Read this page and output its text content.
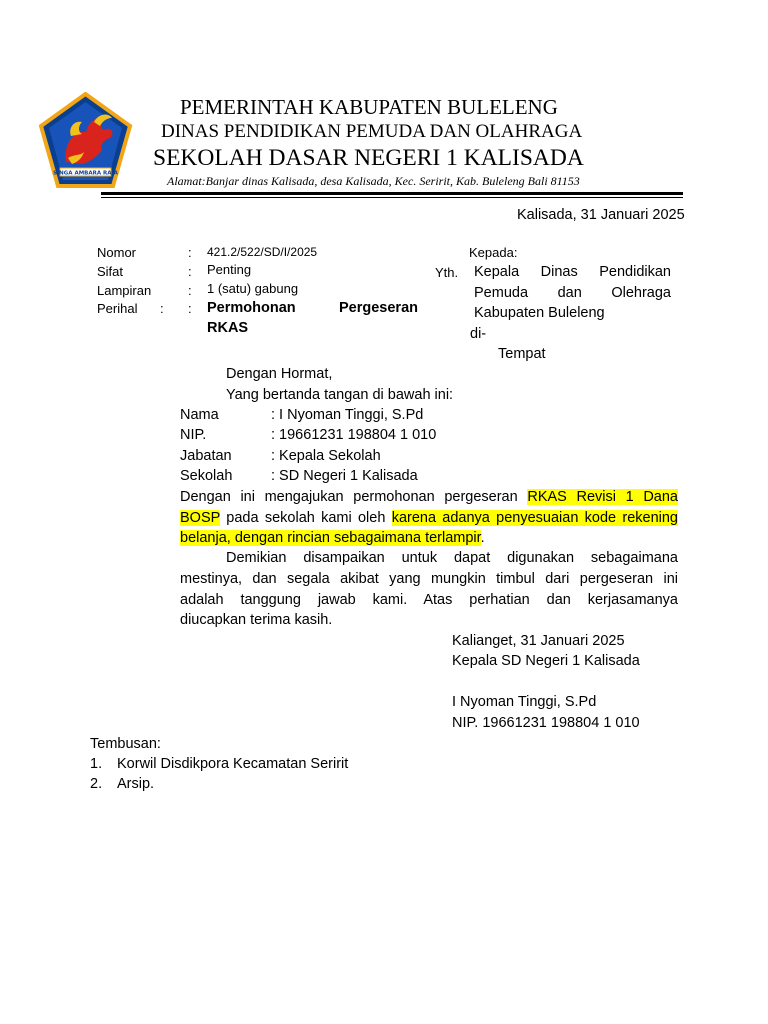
SINGA AMBARA RAJA
PEMERINTAH KABUPATEN BULELENG
DINAS PENDIDIKAN PEMUDA DAN OLAHRAGA
SEKOLAH DASAR NEGERI 1 KALISADA
Alamat:Banjar dinas Kalisada, desa Kalisada, Kec. Seririt, Kab. Buleleng Bali 81153
Kalisada, 31 Januari 2025
Nomor	: 421.2/522/SD/I/2025
Sifat	: Penting
Lampiran	: 1 (satu) gabung
Perihal : : Permohonan	Pergeseran
RKAS
Kepada:
Yth. Kepala Dinas Pendidikan
Pemuda dan Olehraga
Kabupaten Buleleng
di-
Tempat
Dengan Hormat,
Yang bertanda tangan di bawah ini:
Nama	: I Nyoman Tinggi, S.Pd
NIP.	: 19661231 198804 1 010
Jabatan	: Kepala Sekolah
Sekolah	: SD Negeri 1 Kalisada
Dengan ini mengajukan permohonan pergeseran RKAS Revisi 1 Dana
BOSP pada sekolah kami oleh karena adanya penyesuaian kode rekening
belanja, dengan rincian sebagaimana terlampir.
Demikian disampaikan untuk dapat digunakan sebagaimana
mestinya, dan segala akibat yang mungkin timbul dari pergeseran ini
adalah tanggung jawab kami. Atas perhatian dan kerjasamanya
diucapkan terima kasih.
Kalianget, 31 Januari 2025
Kepala SD Negeri 1 Kalisada
I Nyoman Tinggi, S.Pd
NIP. 19661231 198804 1 010
Tembusan:
1. Korwil Disdikpora Kecamatan Seririt
2. Arsip.
